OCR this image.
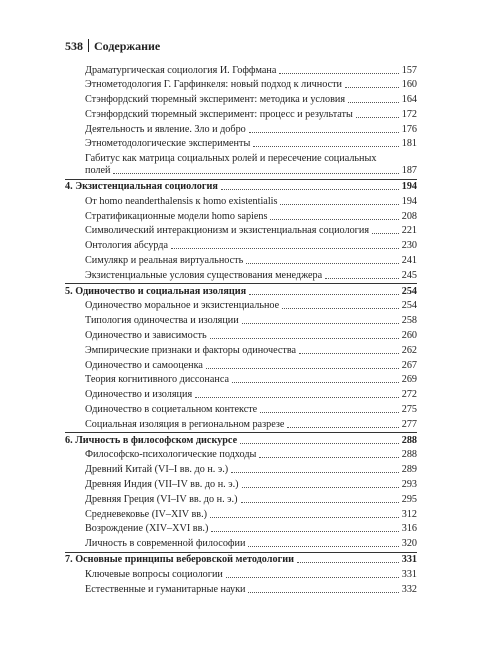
538 Содержание
Драматургическая социология И. Гоффмана	157
Этнометодология Г. Гарфинкеля: новый подход к личности	160
Стэнфордский тюремный эксперимент: методика и условия	164
Стэнфордский тюремный эксперимент: процесс и результаты	172
Деятельность и явление. Зло и добро	176
Этнометодологические эксперименты	181
Габитус как матрица социальных ролей и пересечение социальных
полей	187
4. Экзистенциальная социология	194
От homo neanderthalensis к homo existentialis	194
Стратификационные модели homo sapiens	208
Символический интеракционизм и экзистенциальная социология	221
Онтология абсурда	230
Симулякр и реальная виртуальность	241
Экзистенциальные условия существования менеджера	245
5. Одиночество и социальная изоляция	254
Одиночество моральное и экзистенциальное	254
Типология одиночества и изоляции	258
Одиночество и зависимость	260
Эмпирические признаки и факторы одиночества	262
Одиночество и самооценка	267
Теория когнитивного диссонанса	269
Одиночество и изоляция	272
Одиночество в социетальном контексте	275
Социальная изоляция в региональном разрезе	277
6. Личность в философском дискурсе	288
Философско-психологические подходы	288
Древний Китай (VI–I вв. до н. э.)	289
Древняя Индия (VII–IV вв. до н. э.)	293
Древняя Греция (VI–IV вв. до н. э.)	295
Средневековье (IV–XIV вв.)	312
Возрождение (XIV–XVI вв.)	316
Личность в современной философии	320
7. Основные принципы веберовской методологии	331
Ключевые вопросы социологии	331
Естественные и гуманитарные науки	332
